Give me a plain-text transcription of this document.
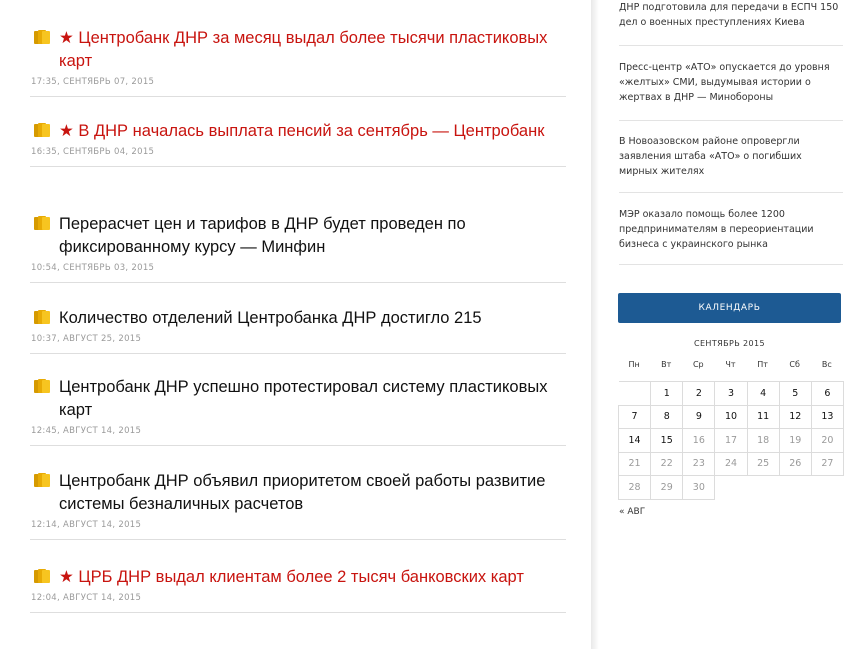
★ Центробанк ДНР за месяц выдал более тысячи пластиковых карт
17:35, СЕНТЯБРЬ 07, 2015
★ В ДНР началась выплата пенсий за сентябрь — Центробанк
16:35, СЕНТЯБРЬ 04, 2015
Перерасчет цен и тарифов в ДНР будет проведен по фиксированному курсу — Минфин
10:54, СЕНТЯБРЬ 03, 2015
Количество отделений Центробанка ДНР достигло 215
10:37, АВГУСТ 25, 2015
Центробанк ДНР успешно протестировал систему пластиковых карт
12:45, АВГУСТ 14, 2015
Центробанк ДНР объявил приоритетом своей работы развитие системы безналичных расчетов
12:14, АВГУСТ 14, 2015
★ ЦРБ ДНР выдал клиентам более 2 тысяч банковских карт
12:04, АВГУСТ 14, 2015
ДНР подготовила для передачи в ЕСПЧ 150 дел о военных преступлениях Киева
Пресс-центр «АТО» опускается до уровня «желтых» СМИ, выдумывая истории о жертвах в ДНР — Минобороны
В Новоазовском районе опровергли заявления штаба «АТО» о погибших мирных жителях
МЭР оказало помощь более 1200 предпринимателям в переориентации бизнеса с украинского рынка
КАЛЕНДАРЬ
СЕНТЯБРЬ 2015
Пн	Вт	Ср	Чт	Пт	Сб	Вс
	1	2	3	4	5	6
7	8	9	10	11	12	13
14	15	16	17	18	19	20
21	22	23	24	25	26	27
28	29	30				
« АВГ
